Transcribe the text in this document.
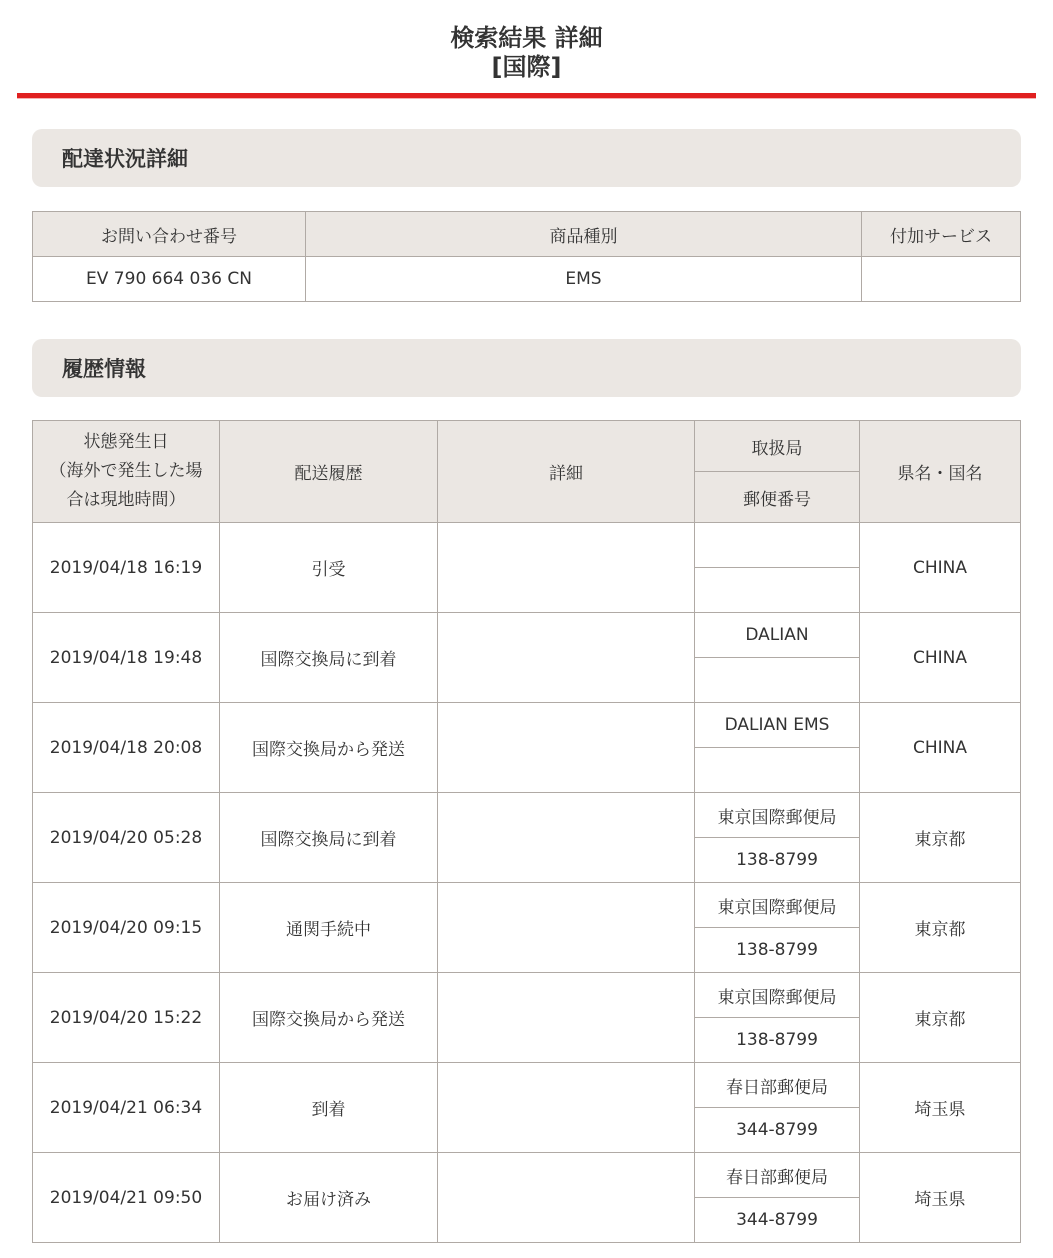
検索結果 詳細
[国際]
配達状況詳細
お問い合わせ番号	商品種別	付加サービス
EV 790 664 036 CN	EMS	
履歴情報
状態発生日
（海外で発生した場
合は現地時間）	配送履歴	詳細	取扱局	県名・国名
			郵便番号	
2019/04/18 16:19	引受			CHINA

2019/04/18 19:48	国際交換局に到着		DALIAN	CHINA

2019/04/18 20:08	国際交換局から発送		DALIAN EMS	CHINA

2019/04/20 05:28	国際交換局に到着		東京国際郵便局	東京都
			138-8799	
2019/04/20 09:15	通関手続中		東京国際郵便局	東京都
			138-8799	
2019/04/20 15:22	国際交換局から発送		東京国際郵便局	東京都
			138-8799	
2019/04/21 06:34	到着		春日部郵便局	埼玉県
			344-8799	
2019/04/21 09:50	お届け済み		春日部郵便局	埼玉県
			344-8799	
